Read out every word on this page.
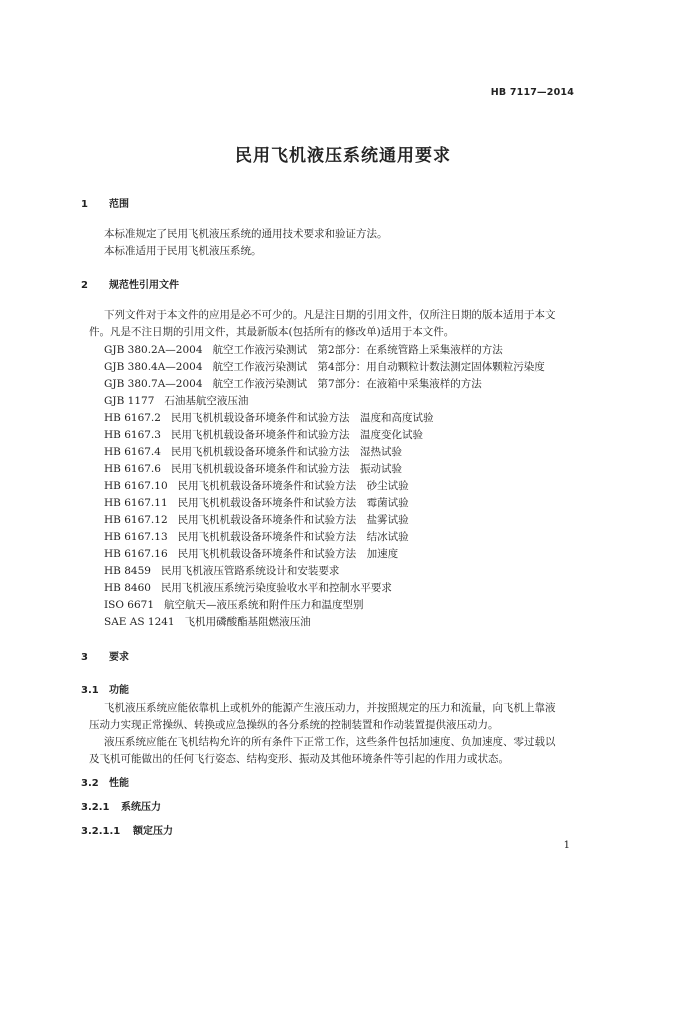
HB 7117—2014
民用飞机液压系统通用要求
1 范围
本标准规定了民用飞机液压系统的通用技术要求和验证方法。
本标准适用于民用飞机液压系统。
2 规范性引用文件
下列文件对于本文件的应用是必不可少的。凡是注日期的引用文件，仅所注日期的版本适用于本文
件。凡是不注日期的引用文件，其最新版本(包括所有的修改单)适用于本文件。
GJB 380.2A—2004 航空工作液污染测试　第2部分：在系统管路上采集液样的方法
GJB 380.4A—2004 航空工作液污染测试　第4部分：用自动颗粒计数法测定固体颗粒污染度
GJB 380.7A—2004 航空工作液污染测试　第7部分：在液箱中采集液样的方法
GJB 1177 石油基航空液压油
HB 6167.2 民用飞机机载设备环境条件和试验方法　温度和高度试验
HB 6167.3 民用飞机机载设备环境条件和试验方法　温度变化试验
HB 6167.4 民用飞机机载设备环境条件和试验方法　湿热试验
HB 6167.6 民用飞机机载设备环境条件和试验方法　振动试验
HB 6167.10 民用飞机机载设备环境条件和试验方法　砂尘试验
HB 6167.11 民用飞机机载设备环境条件和试验方法　霉菌试验
HB 6167.12 民用飞机机载设备环境条件和试验方法　盐雾试验
HB 6167.13 民用飞机机载设备环境条件和试验方法　结冰试验
HB 6167.16 民用飞机机载设备环境条件和试验方法　加速度
HB 8459 民用飞机液压管路系统设计和安装要求
HB 8460 民用飞机液压系统污染度验收水平和控制水平要求
ISO 6671 航空航天—液压系统和附件压力和温度型别
SAE AS 1241 飞机用磷酸酯基阻燃液压油
3 要求
3.1 功能
飞机液压系统应能依靠机上或机外的能源产生液压动力，并按照规定的压力和流量，向飞机上靠液
压动力实现正常操纵、转换或应急操纵的各分系统的控制装置和作动装置提供液压动力。
液压系统应能在飞机结构允许的所有条件下正常工作，这些条件包括加速度、负加速度、零过载以
及飞机可能做出的任何飞行姿态、结构变形、振动及其他环境条件等引起的作用力或状态。
3.2 性能
3.2.1 系统压力
3.2.1.1 额定压力
1
